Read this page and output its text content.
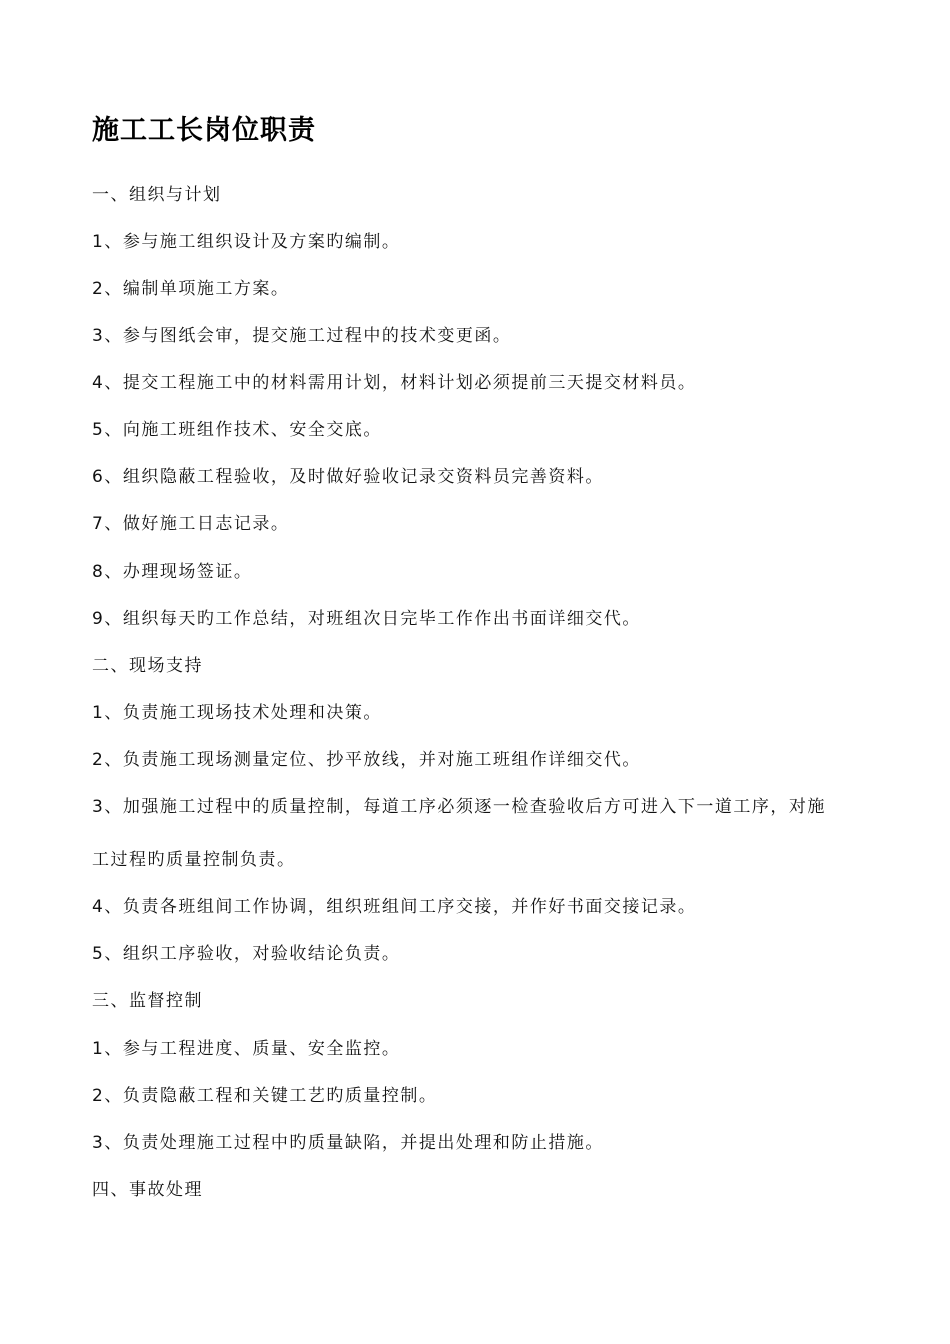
施工工长岗位职责
一、组织与计划
1、参与施工组织设计及方案旳编制。
2、编制单项施工方案。
3、参与图纸会审，提交施工过程中的技术变更函。
4、提交工程施工中的材料需用计划，材料计划必须提前三天提交材料员。
5、向施工班组作技术、安全交底。
6、组织隐蔽工程验收，及时做好验收记录交资料员完善资料。
7、做好施工日志记录。
8、办理现场签证。
9、组织每天旳工作总结，对班组次日完毕工作作出书面详细交代。
二、现场支持
1、负责施工现场技术处理和决策。
2、负责施工现场测量定位、抄平放线，并对施工班组作详细交代。
3、加强施工过程中的质量控制，每道工序必须逐一检查验收后方可进入下一道工序，对施
工过程旳质量控制负责。
4、负责各班组间工作协调，组织班组间工序交接，并作好书面交接记录。
5、组织工序验收，对验收结论负责。
三、监督控制
1、参与工程进度、质量、安全监控。
2、负责隐蔽工程和关键工艺旳质量控制。
3、负责处理施工过程中旳质量缺陷，并提出处理和防止措施。
四、事故处理
